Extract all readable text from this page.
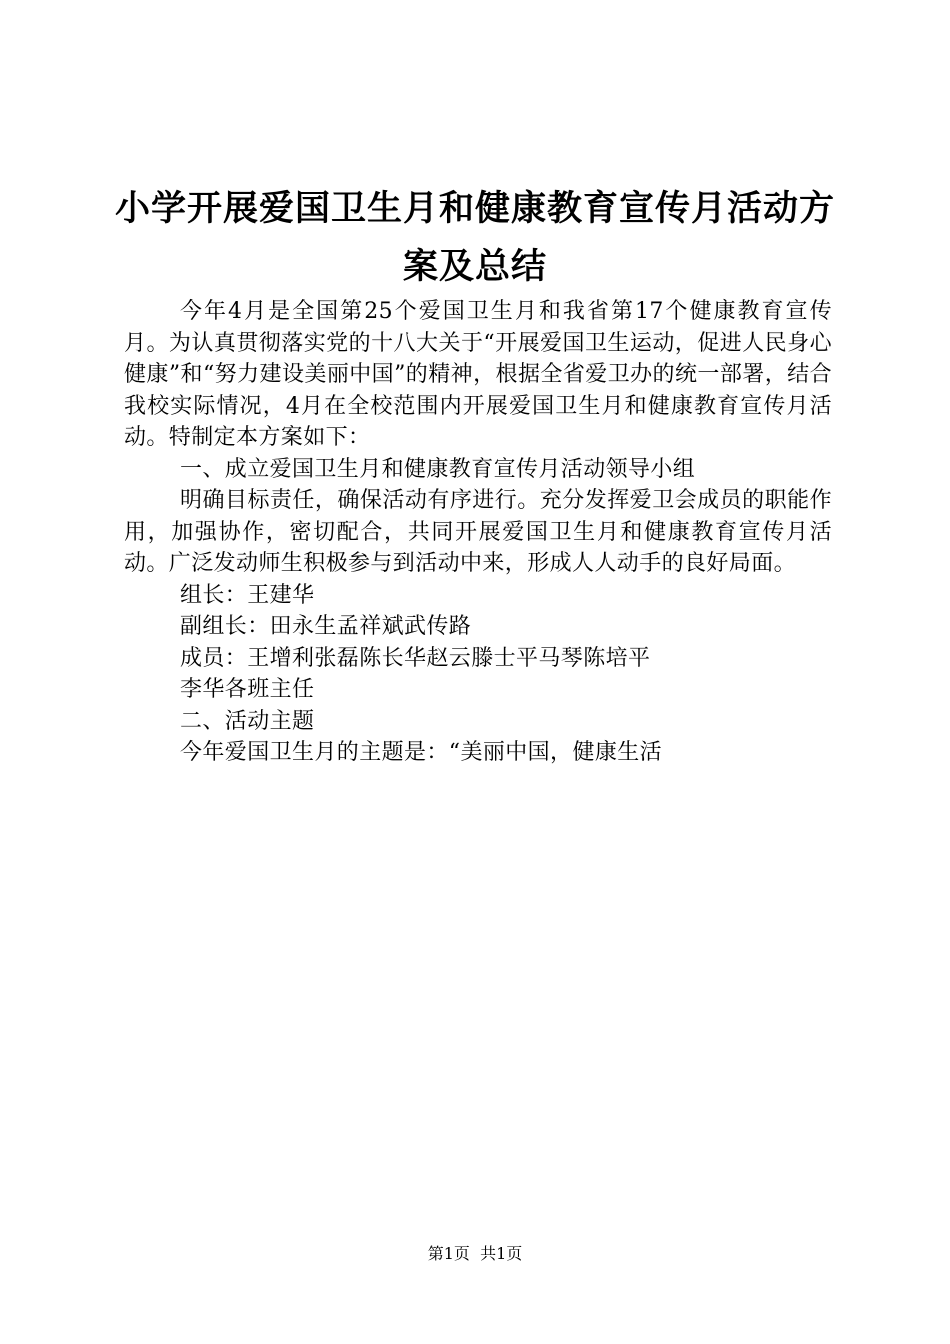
小学开展爱国卫生月和健康教育宣传月活动方
案及总结

今年4月是全国第25个爱国卫生月和我省第17个健康教育宣传月。为认真贯彻落实党的十八大关于“开展爱国卫生运动，促进人民身心健康”和“努力建设美丽中国”的精神，根据全省爱卫办的统一部署，结合我校实际情况，4月在全校范围内开展爱国卫生月和健康教育宣传月活动。特制定本方案如下：

一、成立爱国卫生月和健康教育宣传月活动领导小组

明确目标责任，确保活动有序进行。充分发挥爱卫会成员的职能作用，加强协作，密切配合，共同开展爱国卫生月和健康教育宣传月活动。广泛发动师生积极参与到活动中来，形成人人动手的良好局面。

组长：王建华

副组长：田永生孟祥斌武传路

成员：王增利张磊陈长华赵云滕士平马琴陈培平

李华各班主任

二、活动主题

今年爱国卫生月的主题是：“美丽中国，健康生活

第1页 共1页
